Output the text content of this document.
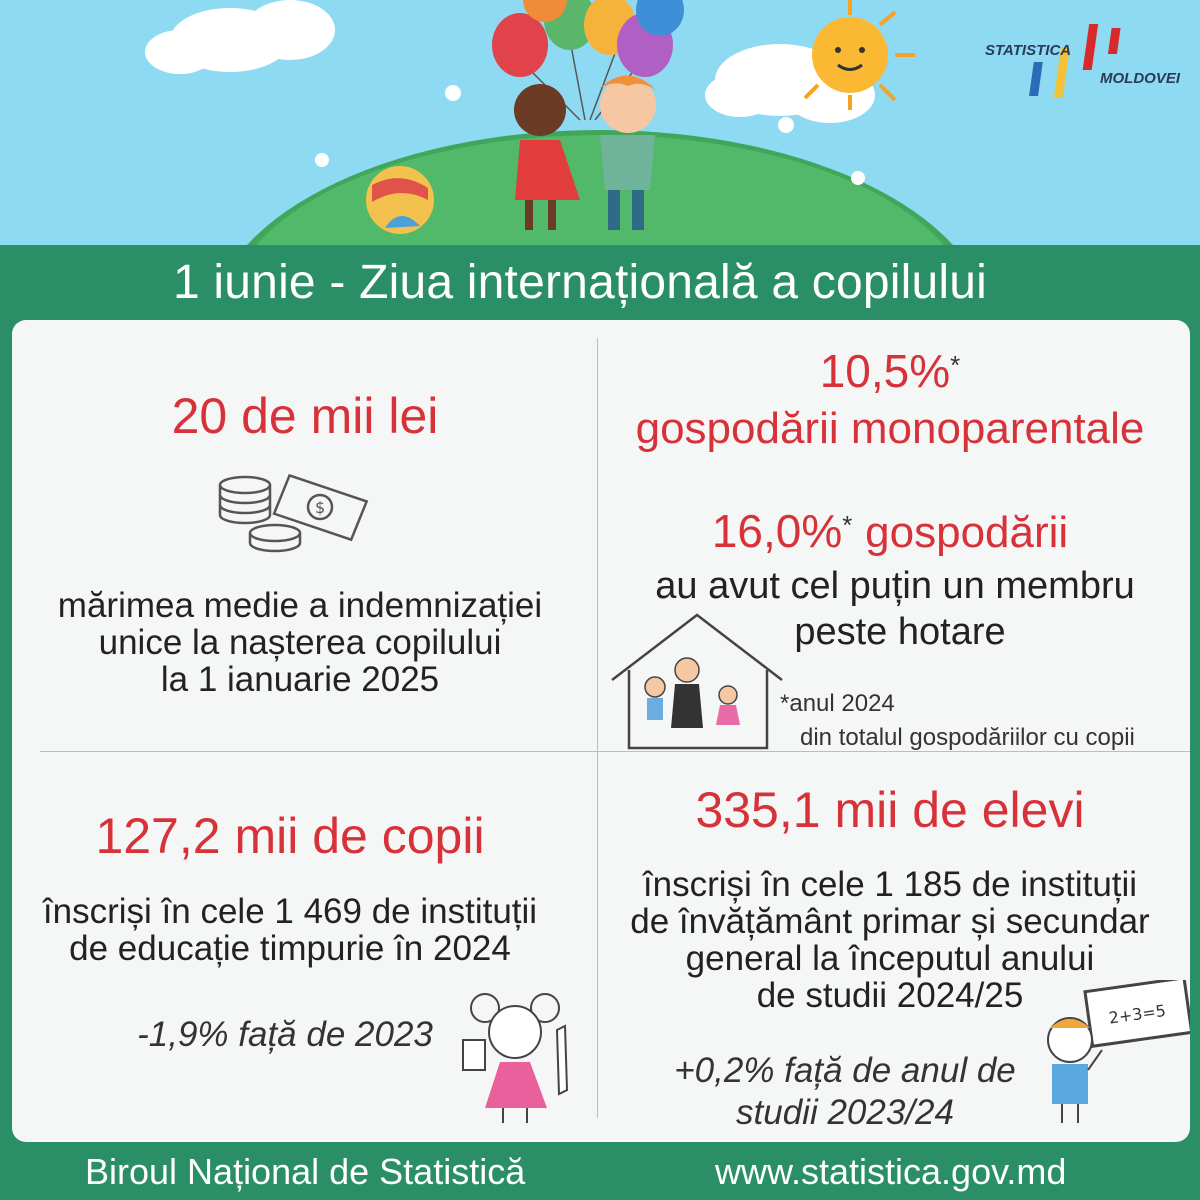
STATISTICA
MOLDOVEI
1 iunie - Ziua internațională a copilului
20 de mii lei
$
mărimea medie a indemnizației
unice la nașterea copilului
la 1 ianuarie 2025
10,5%*
gospodării monoparentale
16,0%* gospodării
au avut cel puțin un membru
peste hotare
*anul 2024
din totalul gospodăriilor cu copii
127,2 mii de copii
înscriși în cele 1 469 de instituții
de educație timpurie în 2024
-1,9% față de 2023
335,1 mii de elevi
înscriși în cele 1 185 de instituții
de învățământ primar și secundar
general la începutul anului
de studii 2024/25
+0,2% față de anul de
studii 2023/24
2+3=5
Biroul Național de Statistică	www.statistica.gov.md
